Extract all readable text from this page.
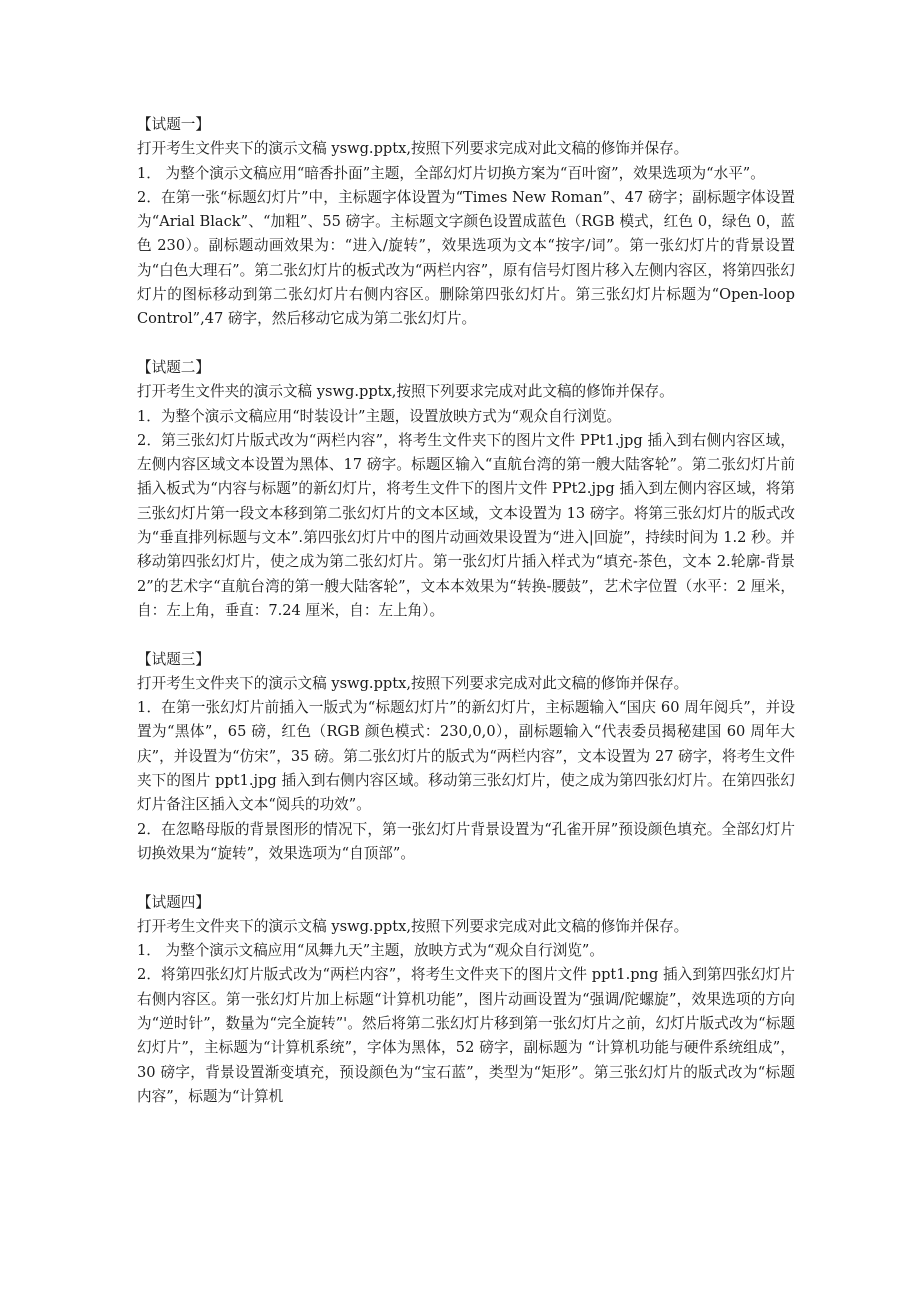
【试题一】

打开考生文件夹下的演示文稿 yswg.pptx,按照下列要求完成对此文稿的修饰并保存。

1． 为整个演示文稿应用“暗香扑面”主题，全部幻灯片切换方案为“百叶窗”，效果选项为“水平”。

2．在第一张“标题幻灯片”中，主标题字体设置为“Times New Roman”、47 磅字；副标题字体设置为“Arial Black”、“加粗”、55 磅字。主标题文字颜色设置成蓝色（RGB 模式，红色 0，绿色 0，蓝色 230）。副标题动画效果为：“进入/旋转”，效果选项为文本“按字/词”。第一张幻灯片的背景设置为“白色大理石”。第二张幻灯片的板式改为“两栏内容”，原有信号灯图片移入左侧内容区，将第四张幻灯片的图标移动到第二张幻灯片右侧内容区。删除第四张幻灯片。第三张幻灯片标题为“Open-loop Control”,47 磅字，然后移动它成为第二张幻灯片。

【试题二】

打开考生文件夹的演示文稿 yswg.pptx,按照下列要求完成对此文稿的修饰并保存。

1．为整个演示文稿应用“时装设计”主题，设置放映方式为“观众自行浏览。

2．第三张幻灯片版式改为“两栏内容”，将考生文件夹下的图片文件 PPt1.jpg 插入到右侧内容区域，左侧内容区域文本设置为黑体、17 磅字。标题区输入“直航台湾的第一艘大陆客轮”。第二张幻灯片前插入板式为“内容与标题”的新幻灯片，将考生文件下的图片文件 PPt2.jpg 插入到左侧内容区域，将第三张幻灯片第一段文本移到第二张幻灯片的文本区域，文本设置为 13 磅字。将第三张幻灯片的版式改为“垂直排列标题与文本”.第四张幻灯片中的图片动画效果设置为“进入|回旋”，持续时间为 1.2 秒。并移动第四张幻灯片，使之成为第二张幻灯片。第一张幻灯片插入样式为“填充-茶色，文本 2.轮廓-背景 2”的艺术字“直航台湾的第一艘大陆客轮”，文本本效果为“转换-腰鼓”，艺术字位置（水平：2 厘米，自：左上角，垂直：7.24 厘米，自：左上角）。

【试题三】

打开考生文件夹下的演示文稿 yswg.pptx,按照下列要求完成对此文稿的修饰并保存。

1．在第一张幻灯片前插入一版式为“标题幻灯片”的新幻灯片，主标题输入“国庆 60 周年阅兵”，并设置为“黑体”，65 磅，红色（RGB 颜色模式：230,0,0），副标题输入“代表委员揭秘建国 60 周年大庆”，并设置为“仿宋”，35 磅。第二张幻灯片的版式为“两栏内容”，文本设置为 27 磅字，将考生文件夹下的图片 ppt1.jpg 插入到右侧内容区域。移动第三张幻灯片，使之成为第四张幻灯片。在第四张幻灯片备注区插入文本“阅兵的功效”。

2．在忽略母版的背景图形的情况下，第一张幻灯片背景设置为“孔雀开屏”预设颜色填充。全部幻灯片切换效果为“旋转”，效果选项为“自顶部”。

【试题四】

打开考生文件夹下的演示文稿 yswg.pptx,按照下列要求完成对此文稿的修饰并保存。

1． 为整个演示文稿应用“凤舞九天”主题，放映方式为“观众自行浏览”。

2．将第四张幻灯片版式改为“两栏内容”，将考生文件夹下的图片文件 ppt1.png 插入到第四张幻灯片右侧内容区。第一张幻灯片加上标题“计算机功能”，图片动画设置为“强调/陀螺旋”，效果选项的方向为“逆时针”，数量为“完全旋转”'。然后将第二张幻灯片移到第一张幻灯片之前，幻灯片版式改为“标题幻灯片”，主标题为“计算机系统”，字体为黑体，52 磅字，副标题为 “计算机功能与硬件系统组成”，30 磅字，背景设置渐变填充，预设颜色为“宝石蓝”，类型为“矩形”。第三张幻灯片的版式改为“标题内容”，标题为“计算机
